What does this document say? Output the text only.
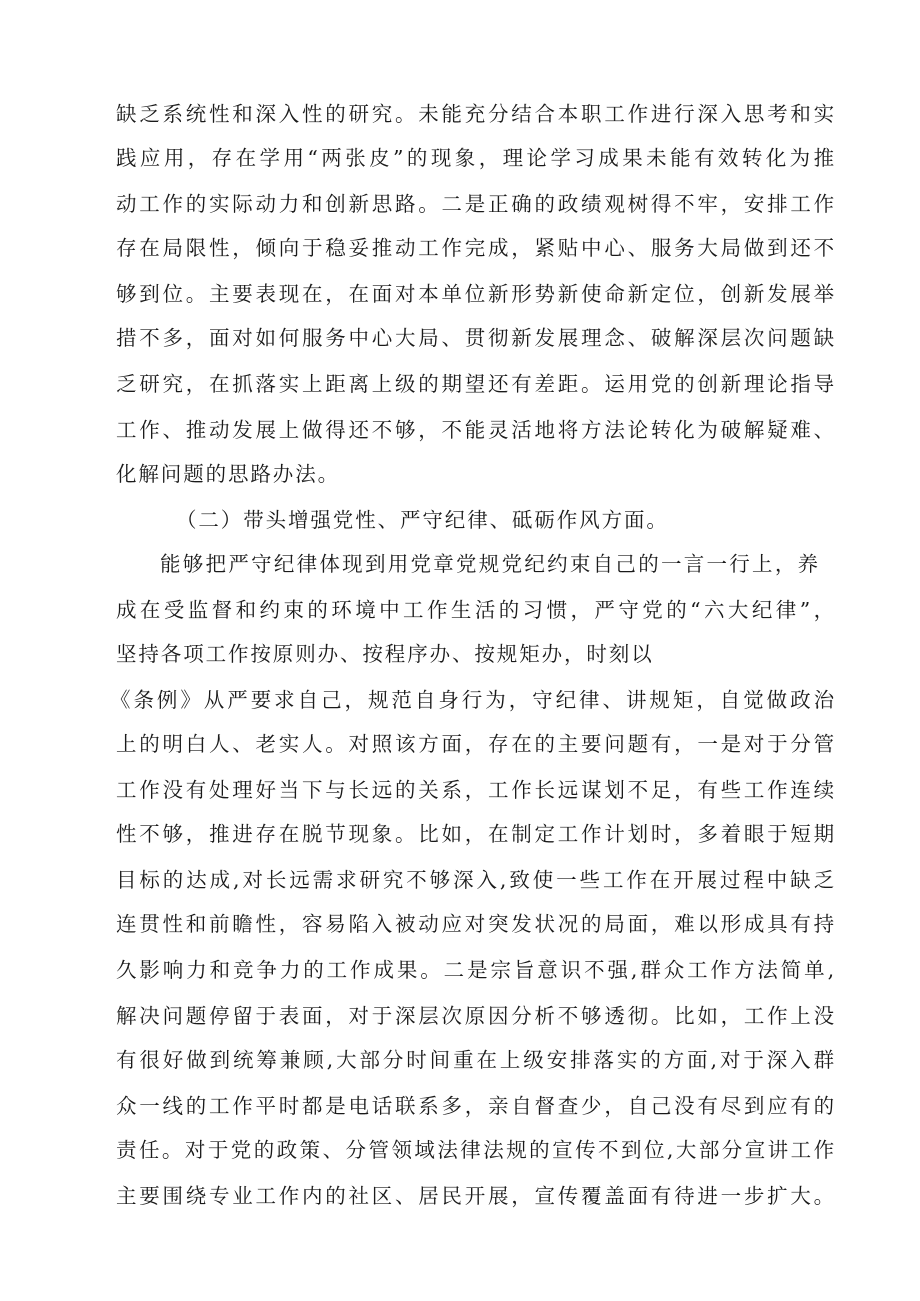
缺乏系统性和深入性的研究。未能充分结合本职工作进行深入思考和实
践应用，存在学用“两张皮”的现象，理论学习成果未能有效转化为推
动工作的实际动力和创新思路。二是正确的政绩观树得不牢，安排工作
存在局限性，倾向于稳妥推动工作完成，紧贴中心、服务大局做到还不
够到位。主要表现在，在面对本单位新形势新使命新定位，创新发展举
措不多，面对如何服务中心大局、贯彻新发展理念、破解深层次问题缺
乏研究，在抓落实上距离上级的期望还有差距。运用党的创新理论指导
工作、推动发展上做得还不够，不能灵活地将方法论转化为破解疑难、
化解问题的思路办法。
（二）带头增强党性、严守纪律、砥砺作风方面。
能够把严守纪律体现到用党章党规党纪约束自己的一言一行上，养
成在受监督和约束的环境中工作生活的习惯，严守党的“六大纪律”，
坚持各项工作按原则办、按程序办、按规矩办，时刻以
《条例》从严要求自己，规范自身行为，守纪律、讲规矩，自觉做政治
上的明白人、老实人。对照该方面，存在的主要问题有，一是对于分管
工作没有处理好当下与长远的关系，工作长远谋划不足，有些工作连续
性不够，推进存在脱节现象。比如，在制定工作计划时，多着眼于短期
目标的达成,对长远需求研究不够深入,致使一些工作在开展过程中缺乏
连贯性和前瞻性，容易陷入被动应对突发状况的局面，难以形成具有持
久影响力和竞争力的工作成果。二是宗旨意识不强,群众工作方法简单,
解决问题停留于表面，对于深层次原因分析不够透彻。比如，工作上没
有很好做到统筹兼顾,大部分时间重在上级安排落实的方面,对于深入群
众一线的工作平时都是电话联系多，亲自督查少，自己没有尽到应有的
责任。对于党的政策、分管领域法律法规的宣传不到位,大部分宣讲工作
主要围绕专业工作内的社区、居民开展，宣传覆盖面有待进一步扩大。
